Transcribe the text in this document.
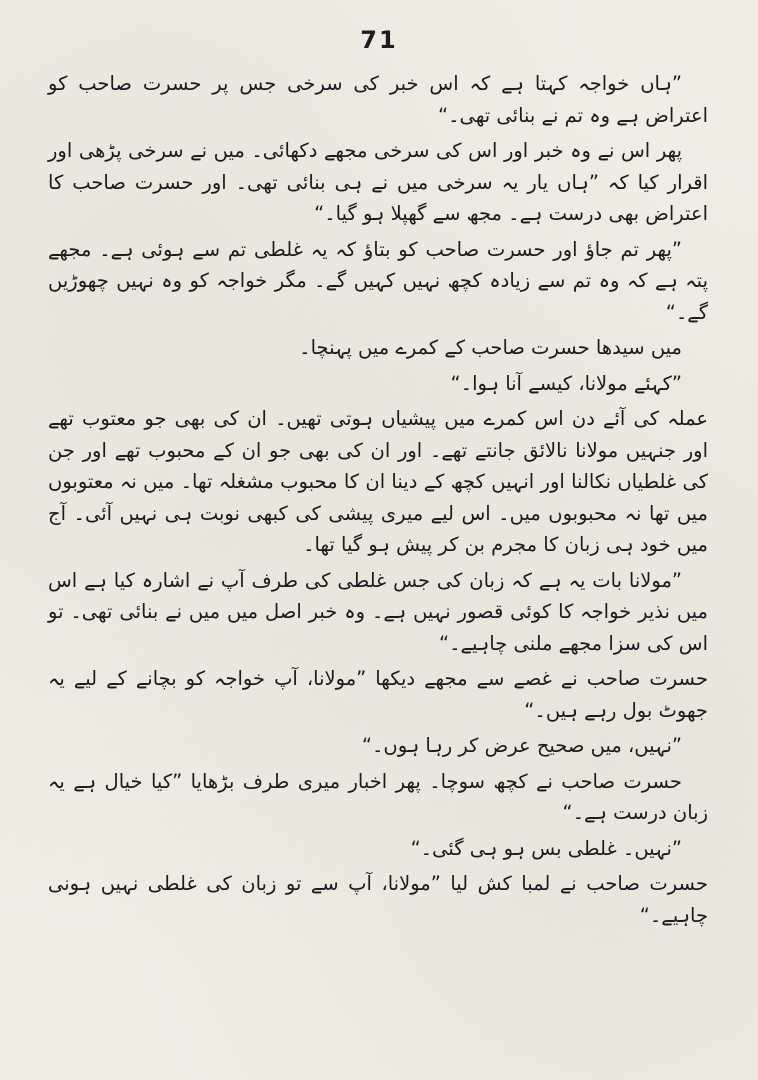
71

”ہاں خواجہ کہتا ہے کہ اس خبر کی سرخی جس پر حسرت صاحب کو اعتراض ہے وہ تم نے بنائی تھی۔“

پھر اس نے وہ خبر اور اس کی سرخی مجھے دکھائی۔ میں نے سرخی پڑھی اور اقرار کیا کہ ”ہاں یار یہ سرخی میں نے ہی بنائی تھی۔ اور حسرت صاحب کا اعتراض بھی درست ہے۔ مجھ سے گھپلا ہو گیا۔“

”پھر تم جاؤ اور حسرت صاحب کو بتاؤ کہ یہ غلطی تم سے ہوئی ہے۔ مجھے پتہ ہے کہ وہ تم سے زیادہ کچھ نہیں کہیں گے۔ مگر خواجہ کو وہ نہیں چھوڑیں گے۔“

میں سیدھا حسرت صاحب کے کمرے میں پہنچا۔

”کہئے مولانا، کیسے آنا ہوا۔“

عملہ کی آئے دن اس کمرے میں پیشیاں ہوتی تھیں۔ ان کی بھی جو معتوب تھے اور جنہیں مولانا نالائق جانتے تھے۔ اور ان کی بھی جو ان کے محبوب تھے اور جن کی غلطیاں نکالنا اور انہیں کچھ کے دینا ان کا محبوب مشغلہ تھا۔ میں نہ معتوبوں میں تھا نہ محبوبوں میں۔ اس لیے میری پیشی کی کبھی نوبت ہی نہیں آئی۔ آج میں خود ہی زبان کا مجرم بن کر پیش ہو گیا تھا۔

”مولانا بات یہ ہے کہ زبان کی جس غلطی کی طرف آپ نے اشارہ کیا ہے اس میں نذیر خواجہ کا کوئی قصور نہیں ہے۔ وہ خبر اصل میں میں نے بنائی تھی۔ تو اس کی سزا مجھے ملنی چاہیے۔“

حسرت صاحب نے غصے سے مجھے دیکھا ”مولانا، آپ خواجہ کو بچانے کے لیے یہ جھوٹ بول رہے ہیں۔“

”نہیں، میں صحیح عرض کر رہا ہوں۔“

حسرت صاحب نے کچھ سوچا۔ پھر اخبار میری طرف بڑھایا ”کیا خیال ہے یہ زبان درست ہے۔“

”نہیں۔ غلطی بس ہو ہی گئی۔“

حسرت صاحب نے لمبا کش لیا ”مولانا، آپ سے تو زبان کی غلطی نہیں ہونی چاہیے۔“
